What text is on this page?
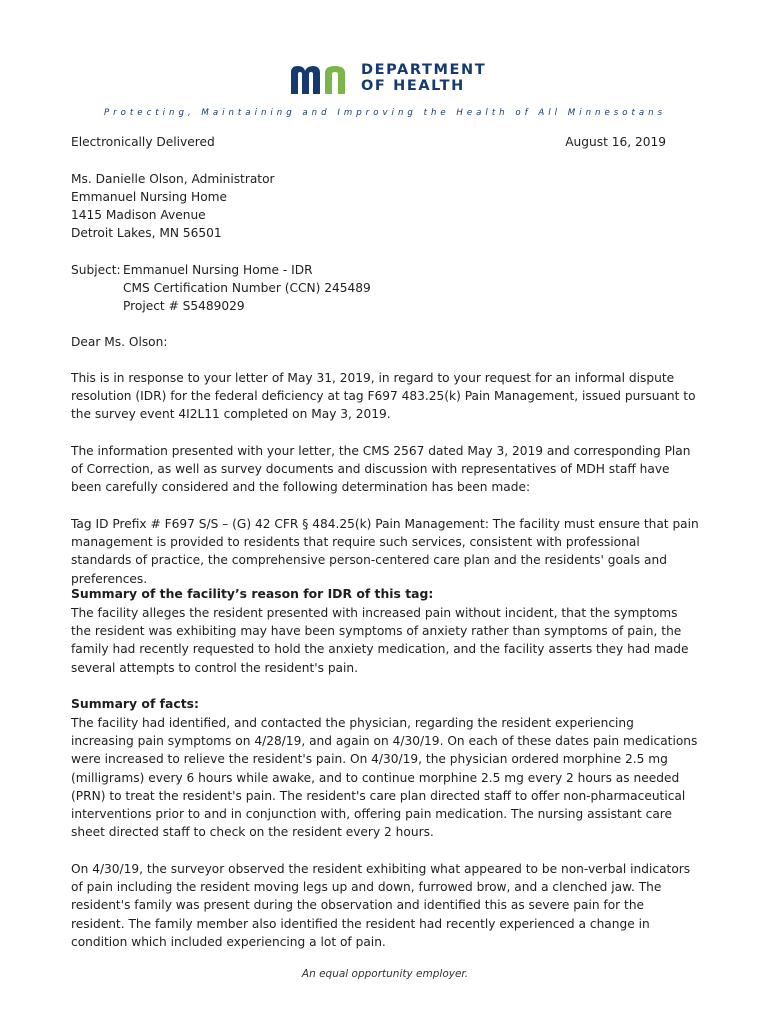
DEPARTMENT
OF HEALTH
Protecting, Maintaining and Improving the Health of All Minnesotans
Electronically Delivered	August 16, 2019
Ms. Danielle Olson, Administrator
Emmanuel Nursing Home
1415 Madison Avenue
Detroit Lakes, MN 56501
Subject: Emmanuel Nursing Home - IDR
CMS Certification Number (CCN) 245489
Project # S5489029
Dear Ms. Olson:
This is in response to your letter of May 31, 2019, in regard to your request for an informal dispute resolution (IDR) for the federal deficiency at tag F697 483.25(k) Pain Management, issued pursuant to the survey event 4I2L11 completed on May 3, 2019.
The information presented with your letter, the CMS 2567 dated May 3, 2019 and corresponding Plan of Correction, as well as survey documents and discussion with representatives of MDH staff have been carefully considered and the following determination has been made:
Tag ID Prefix # F697 S/S – (G) 42 CFR § 484.25(k) Pain Management: The facility must ensure that pain management is provided to residents that require such services, consistent with professional standards of practice, the comprehensive person-centered care plan and the residents' goals and preferences.
Summary of the facility’s reason for IDR of this tag:
The facility alleges the resident presented with increased pain without incident, that the symptoms the resident was exhibiting may have been symptoms of anxiety rather than symptoms of pain, the family had recently requested to hold the anxiety medication, and the facility asserts they had made several attempts to control the resident's pain.
Summary of facts:
The facility had identified, and contacted the physician, regarding the resident experiencing increasing pain symptoms on 4/28/19, and again on 4/30/19. On each of these dates pain medications were increased to relieve the resident's pain. On 4/30/19, the physician ordered morphine 2.5 mg (milligrams) every 6 hours while awake, and to continue morphine 2.5 mg every 2 hours as needed (PRN) to treat the resident's pain. The resident's care plan directed staff to offer non-pharmaceutical interventions prior to and in conjunction with, offering pain medication. The nursing assistant care sheet directed staff to check on the resident every 2 hours.
On 4/30/19, the surveyor observed the resident exhibiting what appeared to be non-verbal indicators of pain including the resident moving legs up and down, furrowed brow, and a clenched jaw. The resident's family was present during the observation and identified this as severe pain for the resident. The family member also identified the resident had recently experienced a change in condition which included experiencing a lot of pain.
An equal opportunity employer.
